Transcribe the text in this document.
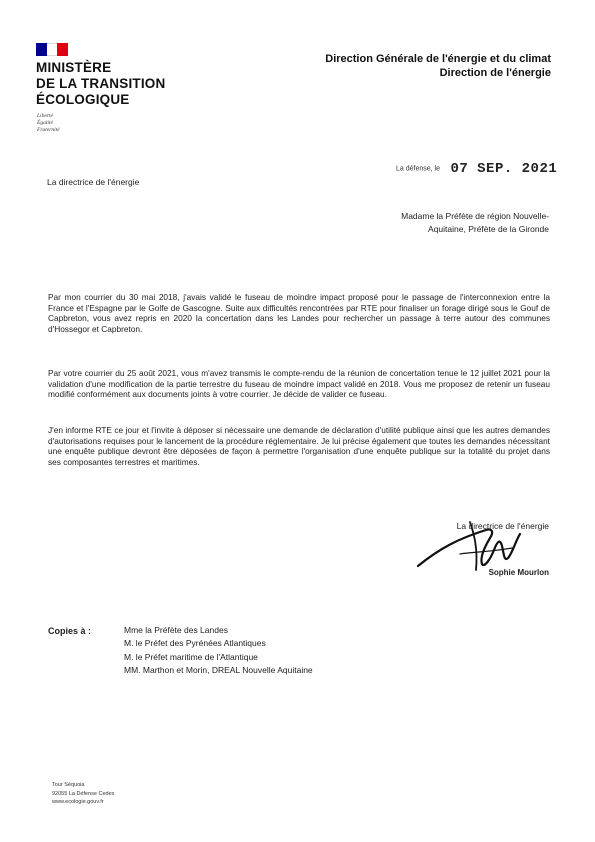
MINISTÈRE
DE LA TRANSITION
ÉCOLOGIQUE
Liberté
Égalité
Fraternité
Direction Générale de l'énergie et du climat
Direction de l'énergie
La défense, le 07 SEP. 2021
La directrice de l'énergie
Madame la Préfète de région Nouvelle-
Aquitaine, Préfète de la Gironde
Par mon courrier du 30 mai 2018, j'avais validé le fuseau de moindre impact proposé pour le passage de l'interconnexion entre la France et l'Espagne par le Golfe de Gascogne. Suite aux difficultés rencontrées par RTE pour finaliser un forage dirigé sous le Gouf de Capbreton, vous avez repris en 2020 la concertation dans les Landes pour rechercher un passage à terre autour des communes d'Hossegor et Capbreton.
Par votre courrier du 25 août 2021, vous m'avez transmis le compte-rendu de la réunion de concertation tenue le 12 juillet 2021 pour la validation d'une modification de la partie terrestre du fuseau de moindre impact validé en 2018. Vous me proposez de retenir un fuseau modifié conformément aux documents joints à votre courrier. Je décide de valider ce fuseau.
J'en informe RTE ce jour et l'invite à déposer si nécessaire une demande de déclaration d'utilité publique ainsi que les autres demandes d'autorisations requises pour le lancement de la procédure réglementaire. Je lui précise également que toutes les demandes nécessitant une enquête publique devront être déposées de façon à permettre l'organisation d'une enquête publique sur la totalité du projet dans ses composantes terrestres et maritimes.
La directrice de l'énergie
Sophie Mourlon
Copies à :	Mme la Préfète des Landes
M. le Préfet des Pyrénées Atlantiques
M. le Préfet maritime de l'Atlantique
MM. Marthon et Morin, DREAL Nouvelle Aquitaine
Tour Séquoia
92055 La Défense Cedex
www.ecologie.gouv.fr
